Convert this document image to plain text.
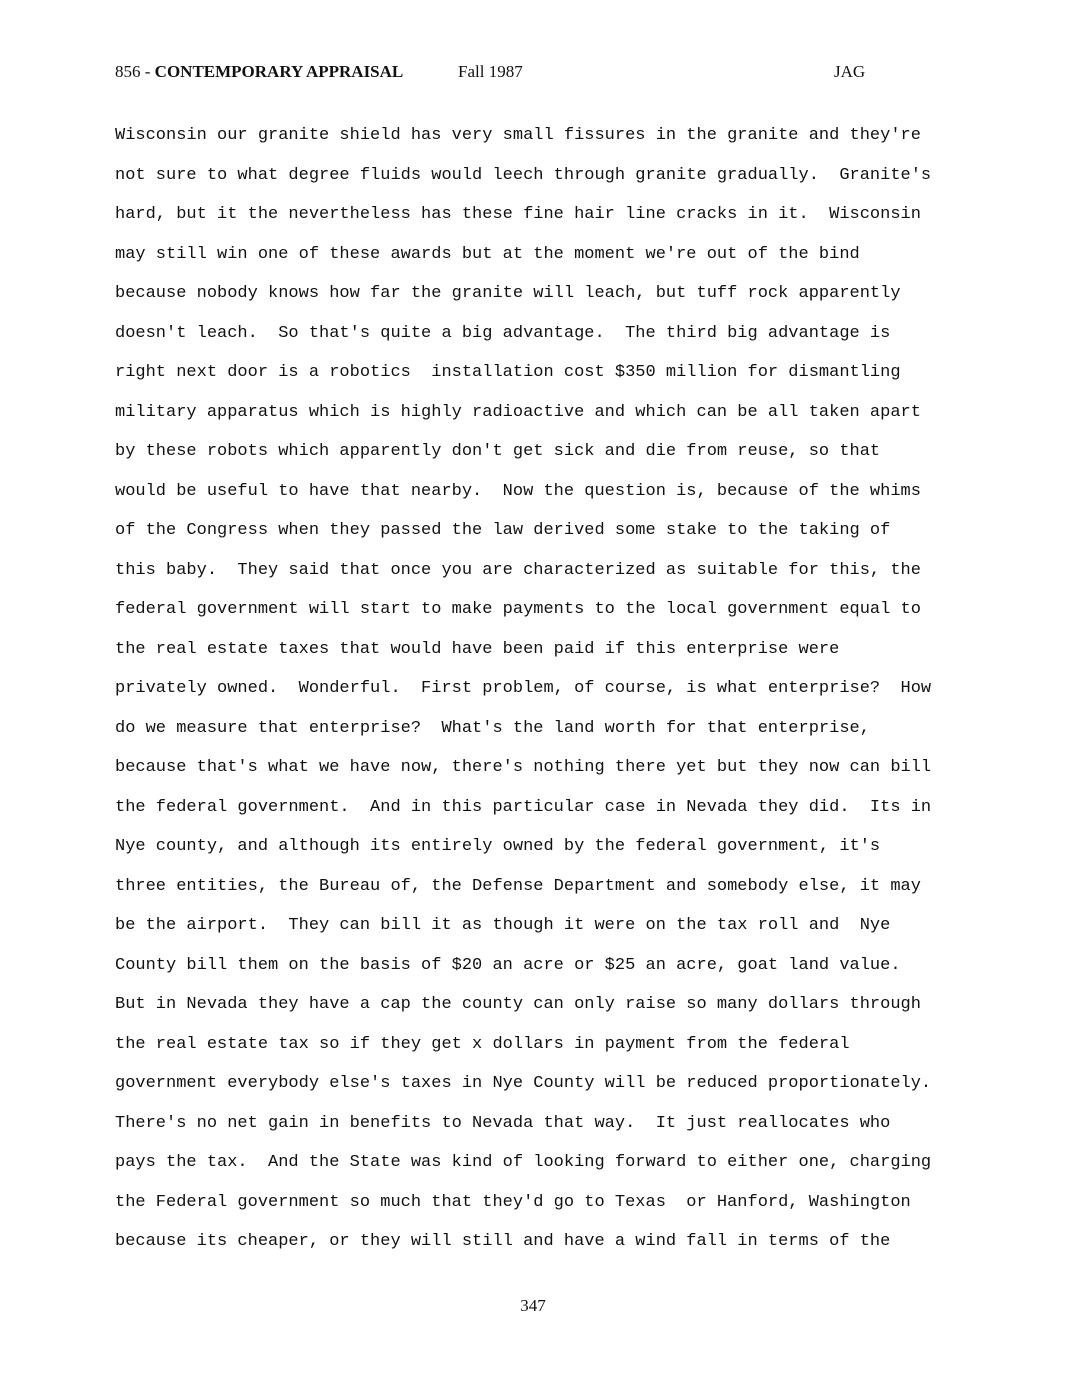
856 - CONTEMPORARY APPRAISAL	Fall 1987	JAG
Wisconsin our granite shield has very small fissures in the granite and they're
not sure to what degree fluids would leech through granite gradually.  Granite's
hard, but it the nevertheless has these fine hair line cracks in it.  Wisconsin
may still win one of these awards but at the moment we're out of the bind
because nobody knows how far the granite will leach, but tuff rock apparently
doesn't leach.  So that's quite a big advantage.  The third big advantage is
right next door is a robotics  installation cost $350 million for dismantling
military apparatus which is highly radioactive and which can be all taken apart
by these robots which apparently don't get sick and die from reuse, so that
would be useful to have that nearby.  Now the question is, because of the whims
of the Congress when they passed the law derived some stake to the taking of
this baby.  They said that once you are characterized as suitable for this, the
federal government will start to make payments to the local government equal to
the real estate taxes that would have been paid if this enterprise were
privately owned.  Wonderful.  First problem, of course, is what enterprise?  How
do we measure that enterprise?  What's the land worth for that enterprise,
because that's what we have now, there's nothing there yet but they now can bill
the federal government.  And in this particular case in Nevada they did.  Its in
Nye county, and although its entirely owned by the federal government, it's
three entities, the Bureau of, the Defense Department and somebody else, it may
be the airport.  They can bill it as though it were on the tax roll and  Nye
County bill them on the basis of $20 an acre or $25 an acre, goat land value.
But in Nevada they have a cap the county can only raise so many dollars through
the real estate tax so if they get x dollars in payment from the federal
government everybody else's taxes in Nye County will be reduced proportionately.
There's no net gain in benefits to Nevada that way.  It just reallocates who
pays the tax.  And the State was kind of looking forward to either one, charging
the Federal government so much that they'd go to Texas  or Hanford, Washington
because its cheaper, or they will still and have a wind fall in terms of the
347
